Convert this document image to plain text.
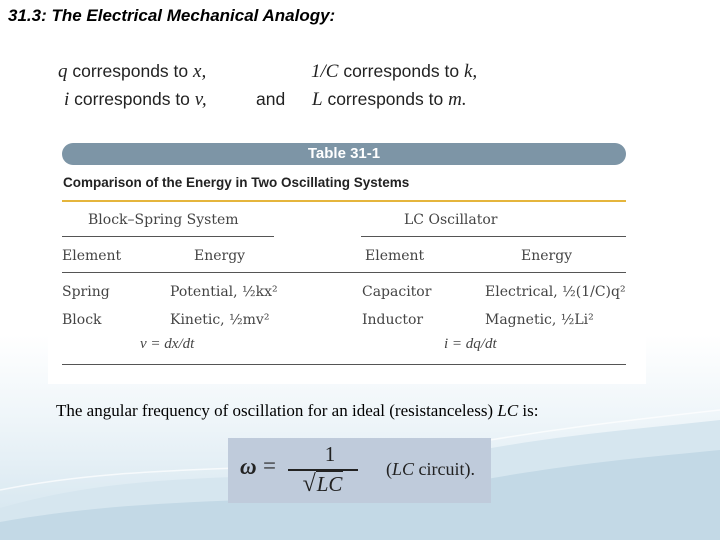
31.3: The Electrical Mechanical Analogy:
q corresponds to x,	1/C corresponds to k,
i corresponds to v,	and L corresponds to m.
Table 31-1
Comparison of the Energy in Two Oscillating Systems
Block–Spring System	LC Oscillator
Element	Energy	Element	Energy
Spring	Potential, ½kx²	Capacitor	Electrical, ½(1/C)q²
Block	Kinetic, ½mv²	Inductor	Magnetic, ½Li²
v = dx/dt	i = dq/dt
The angular frequency of oscillation for an ideal (resistanceless) LC is:
ω =	1
√LC
(LC circuit).
